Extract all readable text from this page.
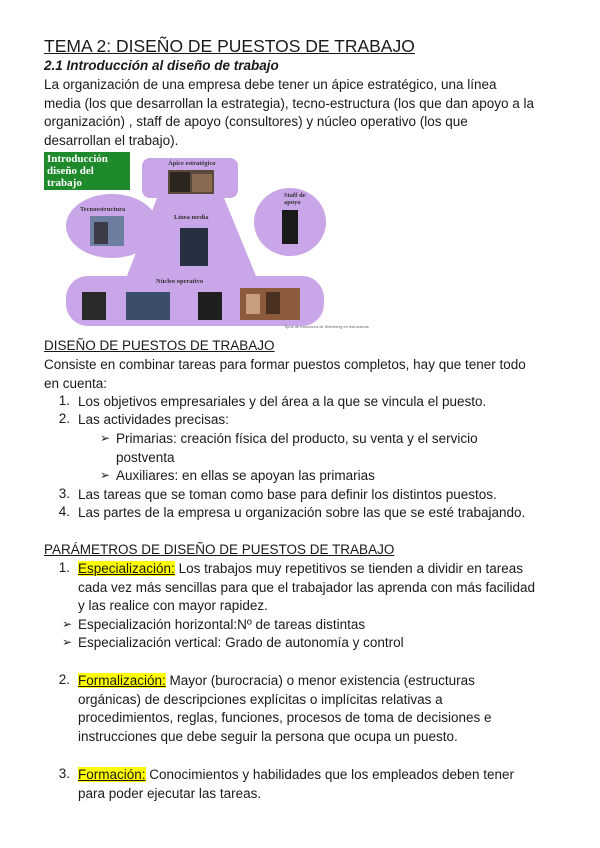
TEMA 2: DISEÑO DE PUESTOS DE TRABAJO
2.1 Introducción al diseño de trabajo
La organización de una empresa debe tener un ápice estratégico, una línea
media (los que desarrollan la estrategia), tecno-estructura (los que dan apoyo a la
organización) , staff de apoyo (consultores) y núcleo operativo (los que
desarrollan el trabajo).
Introducción
diseño del
trabajo
Ápice estratégico
Tecnoestructura
Staff de
apoyo
Línea media
Núcleo operativo
Tipos de estructura de Mintzberg en estructuras
DISEÑO DE PUESTOS DE TRABAJO
Consiste en combinar tareas para formar puestos completos, hay que tener todo
en cuenta:
1. Los objetivos empresariales y del área a la que se vincula el puesto.
2. Las actividades precisas:
➢ Primarias: creación física del producto, su venta y el servicio
postventa
➢ Auxiliares: en ellas se apoyan las primarias
3. Las tareas que se toman como base para definir los distintos puestos.
4. Las partes de la empresa u organización sobre las que se esté trabajando.
PARÁMETROS DE DISEÑO DE PUESTOS DE TRABAJO
1. Especialización: Los trabajos muy repetitivos se tienden a dividir en tareas
cada vez más sencillas para que el trabajador las aprenda con más facilidad
y las realice con mayor rapidez.
➢ Especialización horizontal:Nº de tareas distintas
➢ Especialización vertical: Grado de autonomía y control
2. Formalización: Mayor (burocracia) o menor existencia (estructuras
orgánicas) de descripciones explícitas o implícitas relativas a
procedimientos, reglas, funciones, procesos de toma de decisiones e
instrucciones que debe seguir la persona que ocupa un puesto.
3. Formación: Conocimientos y habilidades que los empleados deben tener
para poder ejecutar las tareas.
